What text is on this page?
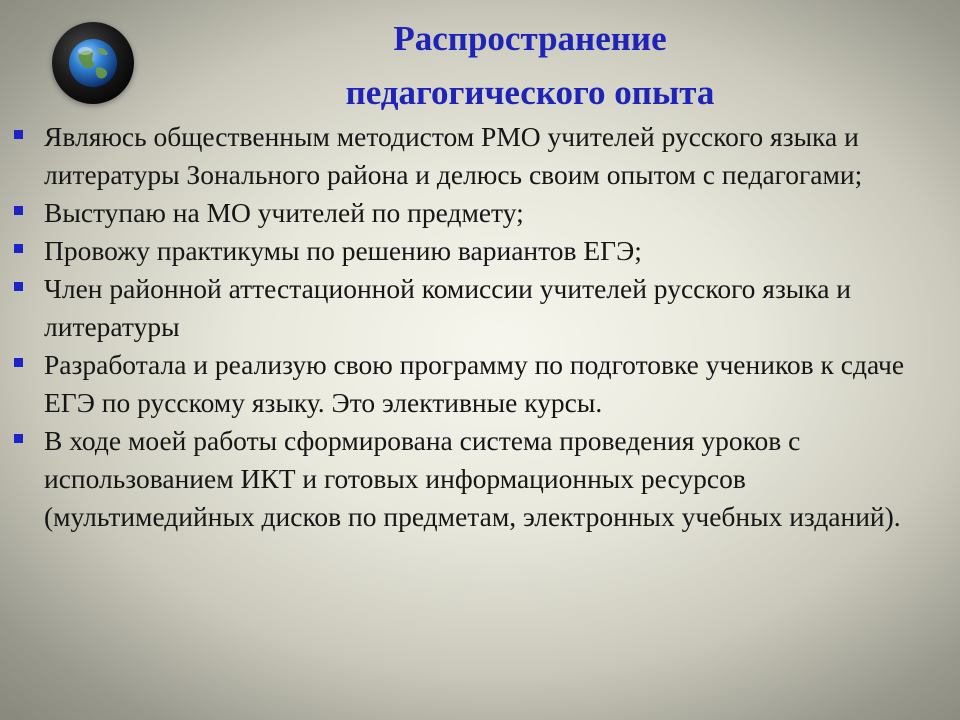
Распространение
педагогического опыта
Являюсь общественным методистом РМО учителей русского языка и литературы Зонального района и делюсь своим опытом с педагогами;
Выступаю на МО учителей по предмету;
Провожу практикумы по решению вариантов ЕГЭ;
Член районной аттестационной комиссии учителей русского языка и литературы
Разработала и реализую свою программу по подготовке учеников к сдаче ЕГЭ по русскому языку. Это элективные курсы.
В ходе моей работы сформирована система проведения уроков с использованием ИКТ и готовых информационных ресурсов (мультимедийных дисков по предметам, электронных учебных изданий).
